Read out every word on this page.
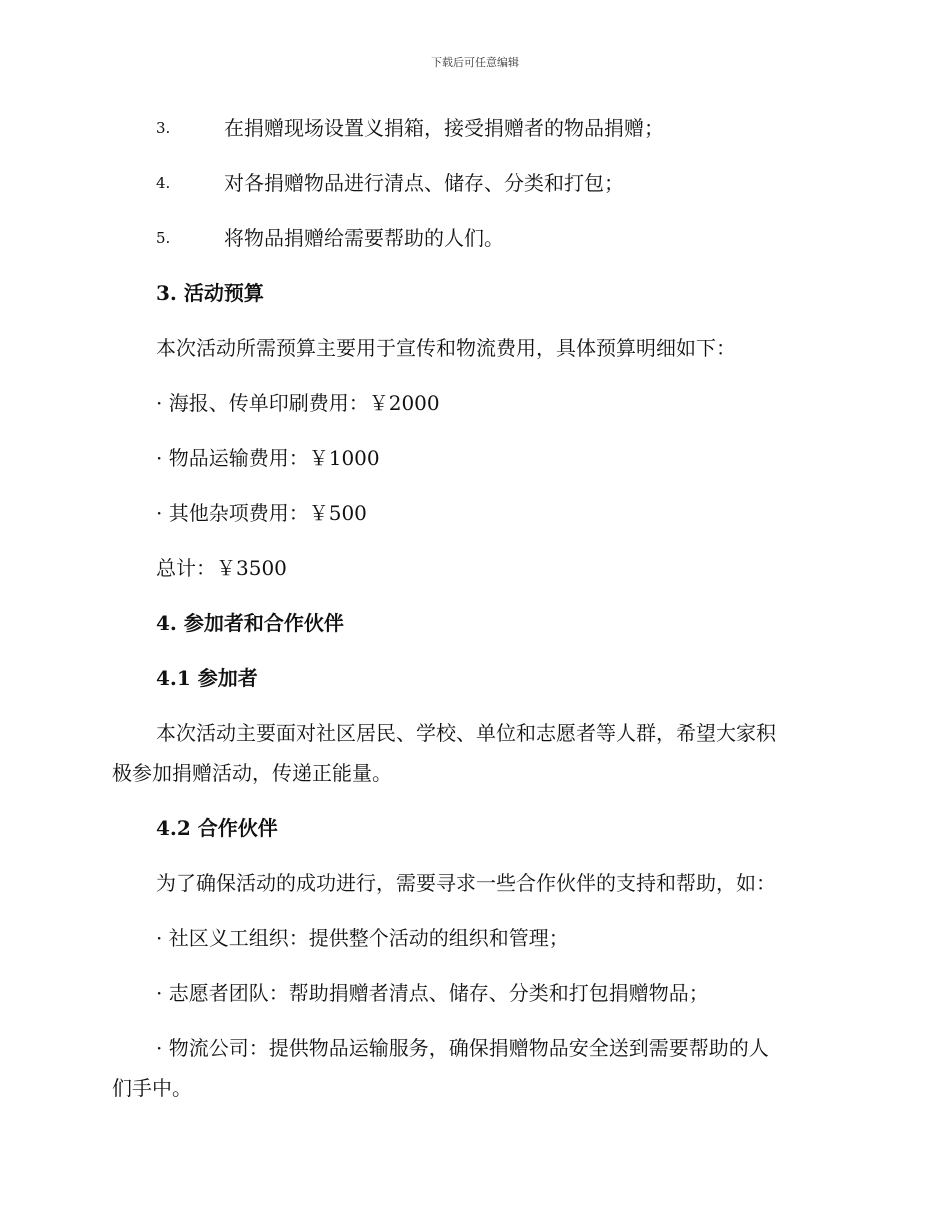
下载后可任意编辑
3.	在捐赠现场设置义捐箱，接受捐赠者的物品捐赠；
4.	对各捐赠物品进行清点、储存、分类和打包；
5.	将物品捐赠给需要帮助的人们。
3. 活动预算
本次活动所需预算主要用于宣传和物流费用，具体预算明细如下：
· 海报、传单印刷费用：￥2000
· 物品运输费用：￥1000
· 其他杂项费用：￥500
总计：￥3500
4. 参加者和合作伙伴
4.1 参加者
本次活动主要面对社区居民、学校、单位和志愿者等人群，希望大家积
极参加捐赠活动，传递正能量。
4.2 合作伙伴
为了确保活动的成功进行，需要寻求一些合作伙伴的支持和帮助，如：
· 社区义工组织：提供整个活动的组织和管理；
· 志愿者团队：帮助捐赠者清点、储存、分类和打包捐赠物品；
· 物流公司：提供物品运输服务，确保捐赠物品安全送到需要帮助的人
们手中。
